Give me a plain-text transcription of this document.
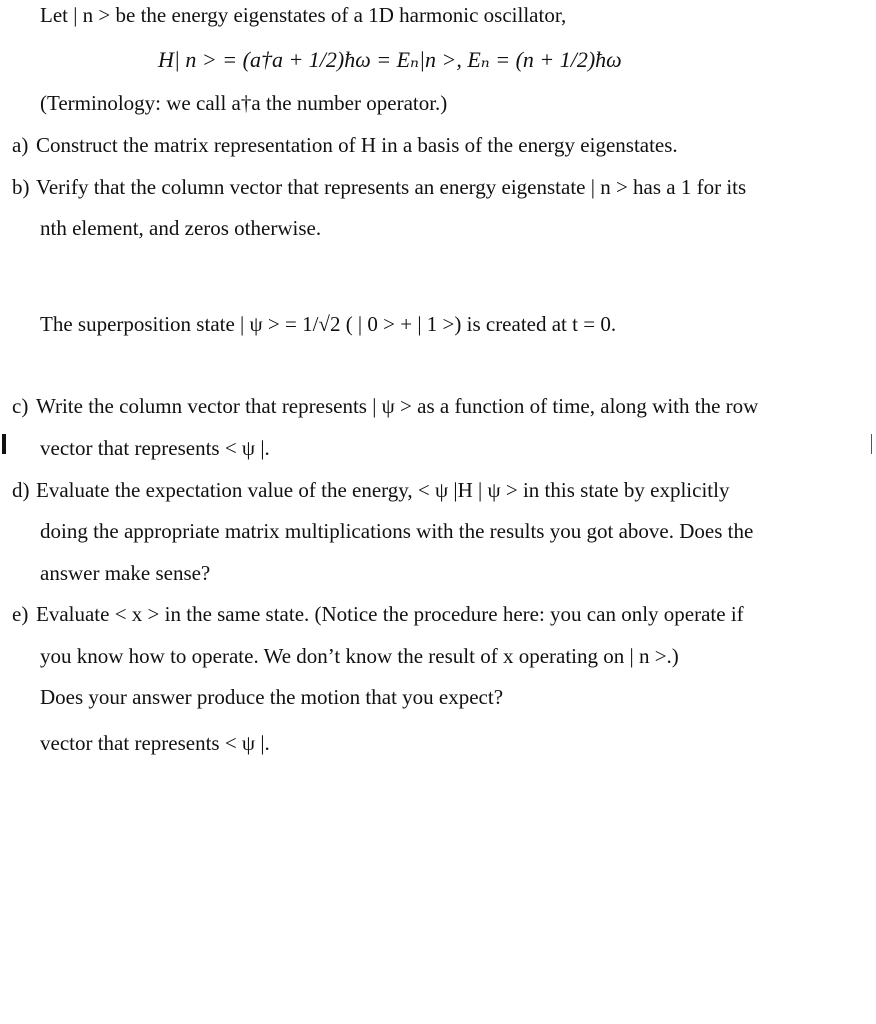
Let | n > be the energy eigenstates of a 1D harmonic oscillator,
H| n > = (a†a + 1/2)ħω = Eₙ|n >, Eₙ = (n + 1/2)ħω
(Terminology: we call a†a the number operator.)
a) Construct the matrix representation of H in a basis of the energy eigenstates.
b) Verify that the column vector that represents an energy eigenstate | n > has a 1 for its
nth element, and zeros otherwise.
The superposition state | ψ > = 1/√2 ( | 0 > + | 1 >) is created at t = 0.
c) Write the column vector that represents | ψ > as a function of time, along with the row
vector that represents < ψ |.
d) Evaluate the expectation value of the energy, < ψ |H | ψ > in this state by explicitly
doing the appropriate matrix multiplications with the results you got above. Does the
answer make sense?
e) Evaluate < x > in the same state. (Notice the procedure here: you can only operate if
you know how to operate. We don’t know the result of x operating on | n >.)
Does your answer produce the motion that you expect?
vector that represents < ψ |.
